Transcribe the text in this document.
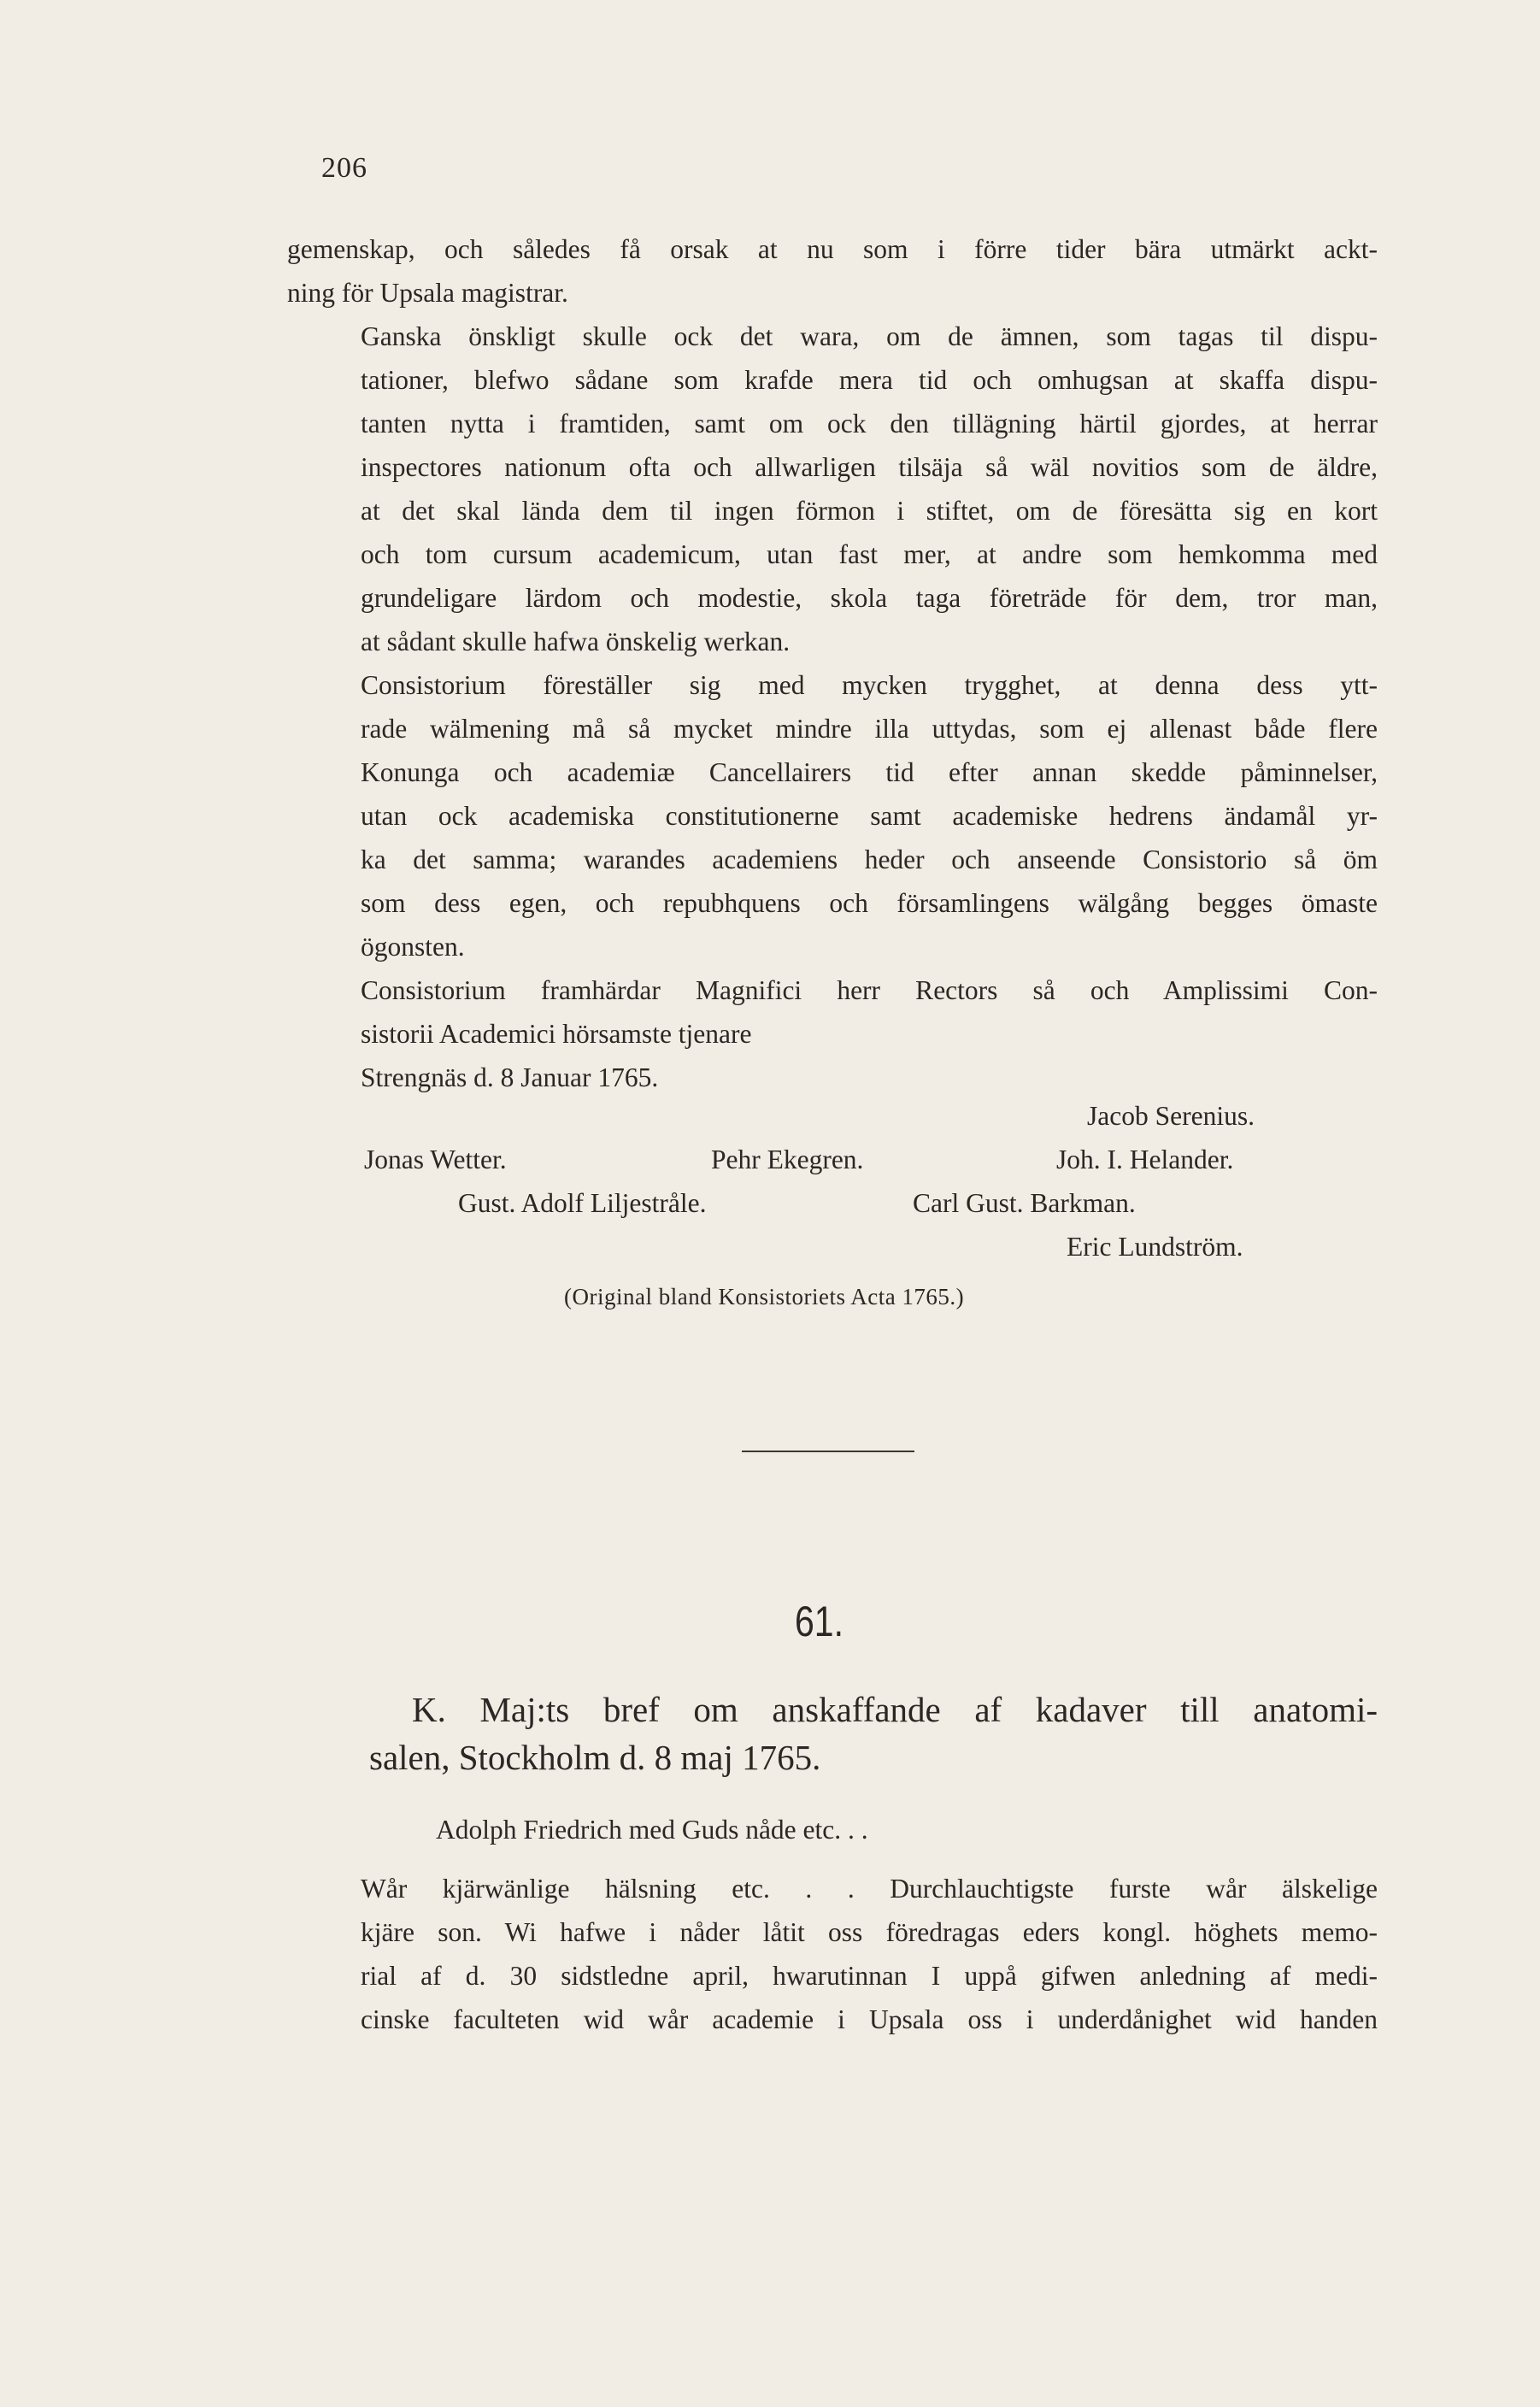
206

gemenskap, och således få orsak at nu som i förre tider bära utmärkt ackt-
ning för Upsala magistrar.

Ganska önskligt skulle ock det wara, om de ämnen, som tagas til dispu-
tationer, blefwo sådane som krafde mera tid och omhugsan at skaffa dispu-
tanten nytta i framtiden, samt om ock den tillägning härtil gjordes, at herrar
inspectores nationum ofta och allwarligen tilsäja så wäl novitios som de äldre,
at det skal lända dem til ingen förmon i stiftet, om de föresätta sig en kort
och tom cursum academicum, utan fast mer, at andre som hemkomma med
grundeligare lärdom och modestie, skola taga företräde för dem, tror man,
at sådant skulle hafwa önskelig werkan.

Consistorium föreställer sig med mycken trygghet, at denna dess ytt-
rade wälmening må så mycket mindre illa uttydas, som ej allenast både flere
Konunga och academiæ Cancellairers tid efter annan skedde påminnelser,
utan ock academiska constitutionerne samt academiske hedrens ändamål yr-
ka det samma; warandes academiens heder och anseende Consistorio så öm
som dess egen, och repubhquens och församlingens wälgång begges ömaste
ögonsten.

Consistorium framhärdar Magnifici herr Rectors så och Amplissimi Con-
sistorii Academici hörsamste tjenare

Strengnäs d. 8 Januar 1765.

Jacob Serenius.
Jonas Wetter.	Pehr Ekegren.	Joh. I. Helander.
Gust. Adolf Liljestråle.	Carl Gust. Barkman.
Eric Lundström.
(Original bland Konsistoriets Acta 1765.)
61.
K. Maj:ts bref om anskaffande af kadaver till anatomi-
salen, Stockholm d. 8 maj 1765.
Adolph Friedrich med Guds nåde etc. . .

Wår kjärwänlige hälsning etc. . . Durchlauchtigste furste wår älskelige
kjäre son. Wi hafwe i nåder låtit oss föredragas eders kongl. höghets memo-
rial af d. 30 sidstledne april, hwarutinnan I uppå gifwen anledning af medi-
cinske faculteten wid wår academie i Upsala oss i underdånighet wid handen
